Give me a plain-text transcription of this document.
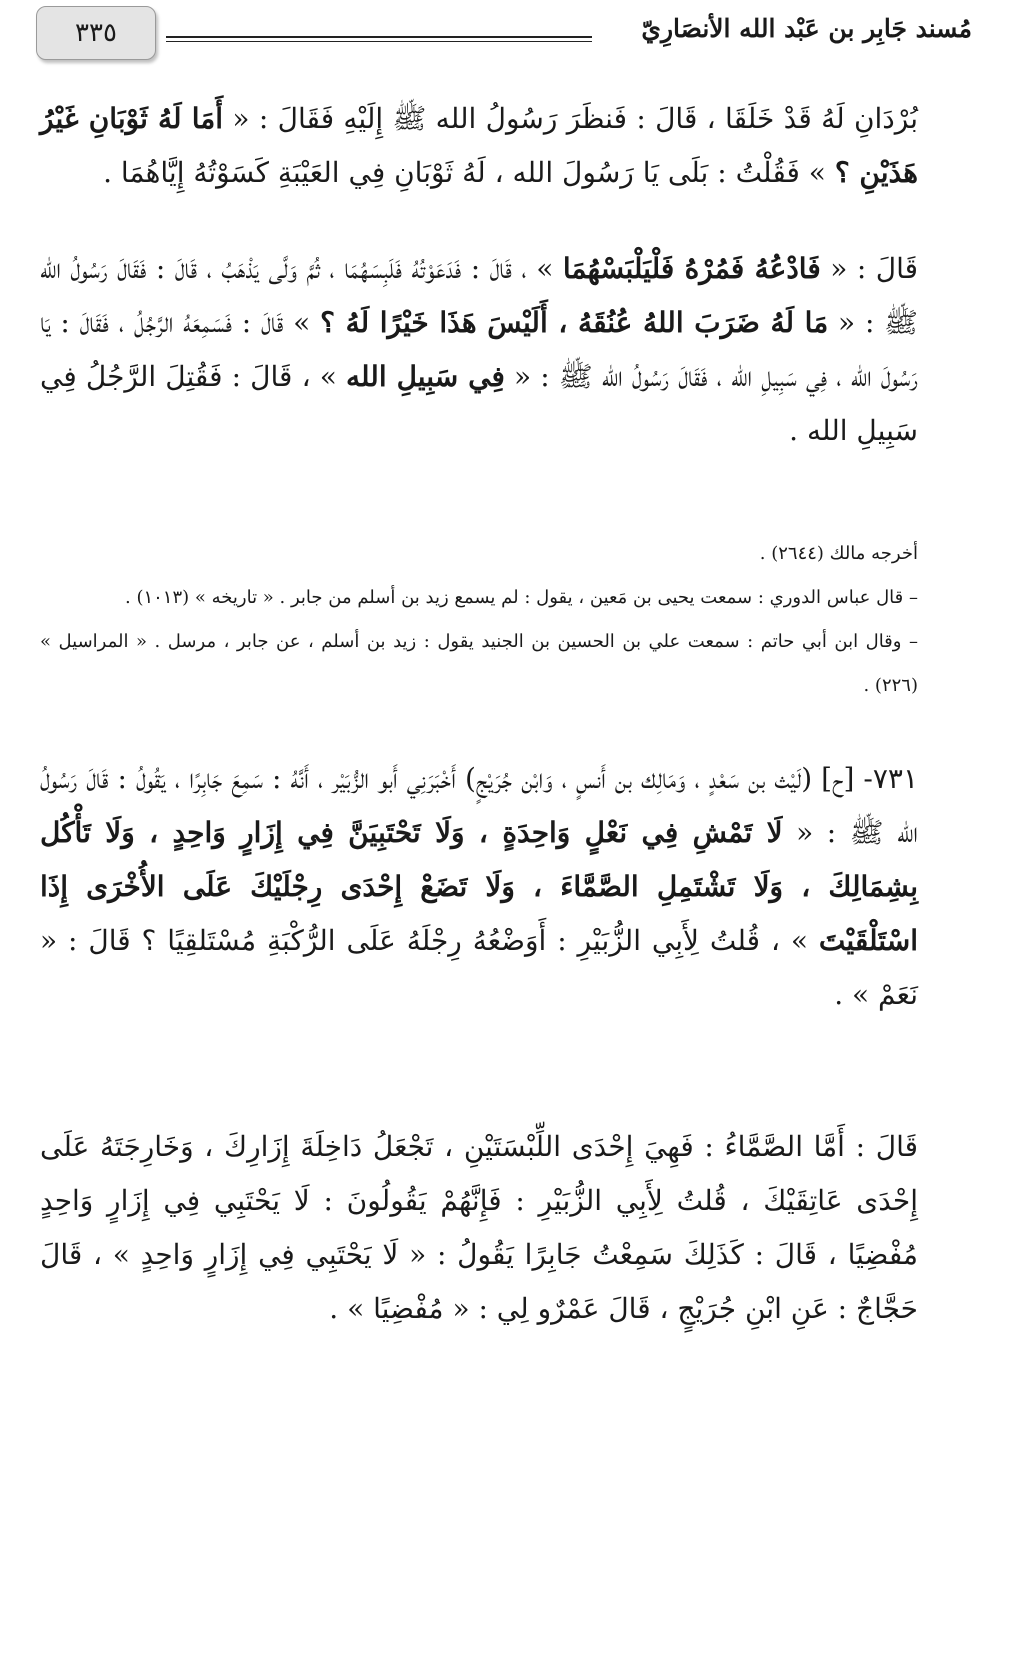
مُسند جَابِر بن عَبْد الله الأنصَارِيّ
٣٣٥
بُرْدَانِ لَهُ قَدْ خَلَقَا ، قَالَ : فَنظَرَ رَسُولُ الله ﷺ إِلَيْهِ فَقَالَ : « أَمَا لَهُ ثَوْبَانِ غَيْرُ هَذَيْنِ ؟ » فَقُلْتُ : بَلَى يَا رَسُولَ الله ، لَهُ ثَوْبَانِ فِي العَيْبَةِ كَسَوْتُهُ إِيَّاهُمَا .
قَالَ : « فَادْعُهُ فَمُرْهُ فَلْيَلْبَسْهُمَا » ، قَالَ : فَدَعَوْتُهُ فَلَبِسَهُمَا ، ثُمَّ وَلَّى يَذْهَبُ ، قَالَ : فَقَالَ رَسُولُ الله ﷺ : « مَا لَهُ ضَرَبَ اللهُ عُنُقَهُ ، أَلَيْسَ هَذَا خَيْرًا لَهُ ؟ » قَالَ : فَسَمِعَهُ الرَّجُلُ ، فَقَالَ : يَا رَسُولَ الله ، فِي سَبِيلِ الله ، فَقَالَ رَسُولُ الله ﷺ : « فِي سَبِيلِ الله » ، قَالَ : فَقُتِلَ الرَّجُلُ فِي سَبِيلِ الله .
أخرجه مالك (٢٦٤٤) .
– قال عباس الدوري : سمعت يحيى بن مَعين ، يقول : لم يسمع زيد بن أسلم من جابر . « تاريخه » (١٠١٣) .
– وقال ابن أبي حاتم : سمعت علي بن الحسين بن الجنيد يقول : زيد بن أسلم ، عن جابر ، مرسل . « المراسيل » (٢٢٦) .
٧٣١- [ح] (لَيْث بن سَعْدٍ ، وَمَالِك بن أَنسٍ ، وَابْن جُرَيْجٍ) أَخْبَرَنِي أَبو الزُّبَيْر ، أَنَّهُ : سَمِعَ جَابِرًا ، يَقُولُ : قَالَ رَسُولُ الله ﷺ : « لَا تَمْشِ فِي نَعْلٍ وَاحِدَةٍ ، وَلَا تَحْتَبِيَنَّ فِي إِزَارٍ وَاحِدٍ ، وَلَا تَأْكُل بِشِمَالِكَ ، وَلَا تَشْتَمِلِ الصَّمَّاءَ ، وَلَا تَضَعْ إِحْدَى رِجْلَيْكَ عَلَى الأُخْرَى إِذَا اسْتَلْقَيْتَ » ، قُلتُ لِأَبِي الزُّبَيْرِ : أَوَضْعُهُ رِجْلَهُ عَلَى الرُّكْبَةِ مُسْتَلقِيًا ؟ قَالَ : « نَعَمْ » .
قَالَ : أَمَّا الصَّمَّاءُ : فَهِيَ إِحْدَى اللِّبْسَتَيْنِ ، تَجْعَلُ دَاخِلَةَ إِزَارِكَ ، وَخَارِجَتَهُ عَلَى إِحْدَى عَاتِقَيْكَ ، قُلتُ لِأَبِي الزُّبَيْرِ : فَإِنَّهُمْ يَقُولُونَ : لَا يَحْتَبِي فِي إِزَارٍ وَاحِدٍ مُفْضِيًا ، قَالَ : كَذَلِكَ سَمِعْتُ جَابِرًا يَقُولُ : « لَا يَحْتَبِي فِي إِزَارٍ وَاحِدٍ » ، قَالَ حَجَّاجٌ : عَنِ ابْنِ جُرَيْجٍ ، قَالَ عَمْرٌو لِي : « مُفْضِيًا » .
